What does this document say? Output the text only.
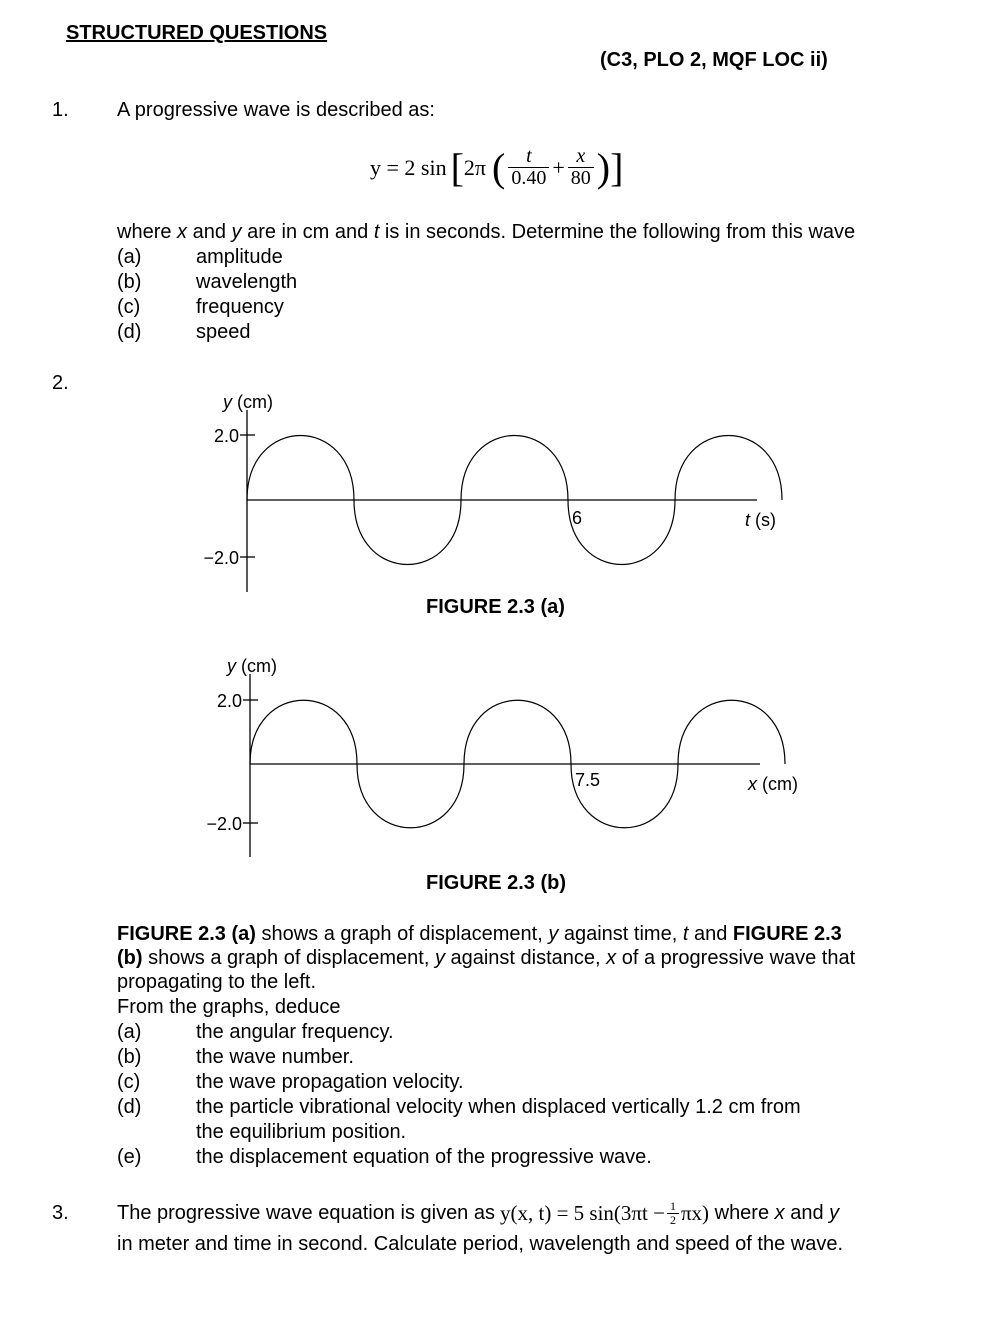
STRUCTURED QUESTIONS
(C3, PLO 2, MQF LOC ii)
1. A progressive wave is described as:
y = 2 sin [ 2π ( $\frac{t}{0.40} + \frac{x}{80}$ )]
where x and y are in cm and t is in seconds. Determine the following from this wave
(a)	amplitude
(b)	wavelength
(c)	frequency
(d)	speed
2.
y (cm)
2.0
−2.0
6	t (s)
FIGURE 2.3 (a)
y (cm)
2.0
−2.0
7.5	x (cm)
FIGURE 2.3 (b)
FIGURE 2.3 (a) shows a graph of displacement, y against time, t and FIGURE 2.3
(b) shows a graph of displacement, y against distance, x of a progressive wave that
propagating to the left.
From the graphs, deduce
(a)	the angular frequency.
(b)	the wave number.
(c)	the wave propagation velocity.
(d)	the particle vibrational velocity when displaced vertically 1.2 cm from
the equilibrium position.
(e)	the displacement equation of the progressive wave.
3. The progressive wave equation is given as y(x, t) = 5 $\sin(3\pi t - \frac{1}{2} \pi x)$ where x and y
in meter and time in second. Calculate period, wavelength and speed of the wave.
